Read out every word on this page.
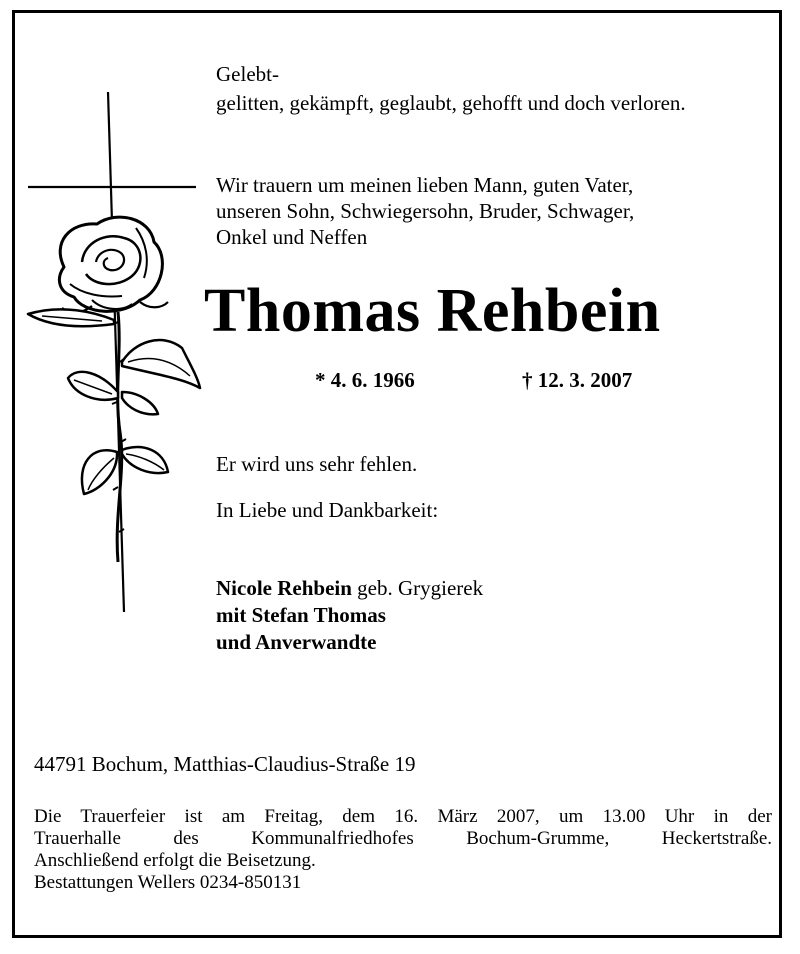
Gelebt-
gelitten, gekämpft, geglaubt, gehofft und doch verloren.
Wir trauern um meinen lieben Mann, guten Vater,
unseren Sohn, Schwiegersohn, Bruder, Schwager,
Onkel und Neffen
Thomas Rehbein
* 4. 6. 1966	† 12. 3. 2007
Er wird uns sehr fehlen.
In Liebe und Dankbarkeit:
Nicole Rehbein geb. Grygierek
mit Stefan Thomas
und Anverwandte
44791 Bochum, Matthias-Claudius-Straße 19
Die Trauerfeier ist am Freitag, dem 16. März 2007, um 13.00 Uhr in der
Trauerhalle des Kommunalfriedhofes Bochum-Grumme, Heckertstraße.
Anschließend erfolgt die Beisetzung.
Bestattungen Wellers 0234-850131
